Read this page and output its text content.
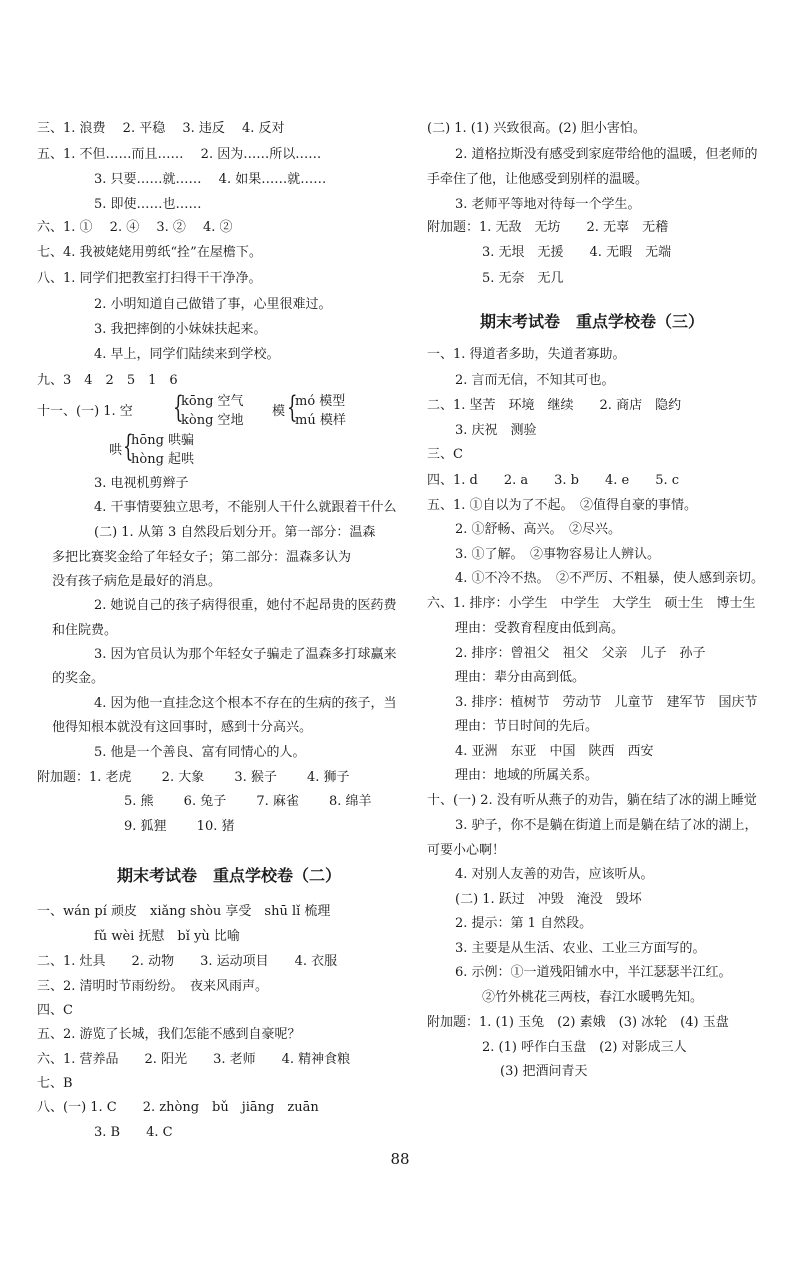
三、1. 浪费　 2. 平稳　 3. 违反　 4. 反对
五、1. 不但……而且……　 2. 因为……所以……
3. 只要……就……　 4. 如果……就……
5. 即使……也……
六、1. ①　 2. ④　 3. ②　 4. ②
七、4. 我被姥姥用剪纸“拴”在屋檐下。
八、1. 同学们把教室打扫得干干净净。
2. 小明知道自己做错了事，心里很难过。
3. 我把摔倒的小妹妹扶起来。
4. 早上，同学们陆续来到学校。
九、3　4　2　5　1　6
十一、(一) 1. 空 {
kōng 空气
kòng 空地
模 {
mó 模型
mú 模样
哄 {
hōng 哄骗
hòng 起哄
3. 电视机剪辫子
4. 干事情要独立思考，不能别人干什么就跟着干什么
(二) 1. 从第 3 自然段后划分开。第一部分：温森
多把比赛奖金给了年轻女子；第二部分：温森多认为
没有孩子病危是最好的消息。
2. 她说自己的孩子病得很重，她付不起昂贵的医药费
和住院费。
3. 因为官员认为那个年轻女子骗走了温森多打球赢来
的奖金。
4. 因为他一直挂念这个根本不存在的生病的孩子，当
他得知根本就没有这回事时，感到十分高兴。
5. 他是一个善良、富有同情心的人。
附加题：1. 老虎　　 2. 大象　　 3. 猴子　　 4. 狮子
5. 熊　　 6. 兔子　　 7. 麻雀　　 8. 绵羊
9. 狐狸　　 10. 猪
期末考试卷　重点学校卷（二）
一、wán pí 顽皮　xiǎng shòu 享受　shū lǐ 梳理
fǔ wèi 抚慰　bǐ yù 比喻
二、1. 灶具　　2. 动物　　3. 运动项目　　4. 衣服
三、2. 清明时节雨纷纷。　夜来风雨声。
四、C
五、2. 游览了长城，我们怎能不感到自豪呢？
六、1. 营养品　　2. 阳光　　3. 老师　　4. 精神食粮
七、B
八、(一) 1. C　　2. zhòng　bǔ　jiāng　zuān
3. B　　4. C
(二) 1. (1) 兴致很高。(2) 胆小害怕。
2. 道格拉斯没有感受到家庭带给他的温暖，但老师的
手牵住了他，让他感受到别样的温暖。
3. 老师平等地对待每一个学生。
附加题：1. 无敌　无坊　　2. 无辜　无稽
3. 无垠　无援　　4. 无暇　无端
5. 无奈　无几
期末考试卷　重点学校卷（三）
一、1. 得道者多助，失道者寡助。
2. 言而无信，不知其可也。
二、1. 坚苦　环境　继续　　2. 商店　隐约
3. 庆祝　测验
三、C
四、1. d　　2. a　　3. b　　4. e　　5. c
五、1. ①自以为了不起。　②值得自豪的事情。
2. ①舒畅、高兴。　②尽兴。
3. ①了解。　②事物容易让人辨认。
4. ①不冷不热。　②不严厉、不粗暴，使人感到亲切。
六、1. 排序：小学生　中学生　大学生　硕士生　博士生
理由：受教育程度由低到高。
2. 排序：曾祖父　祖父　父亲　儿子　孙子
理由：辈分由高到低。
3. 排序：植树节　劳动节　儿童节　建军节　国庆节
理由：节日时间的先后。
4. 亚洲　东亚　中国　陕西　西安
理由：地域的所属关系。
十、(一) 2. 没有听从燕子的劝告，躺在结了冰的湖上睡觉
3. 驴子，你不是躺在街道上而是躺在结了冰的湖上，
可要小心啊！
4. 对别人友善的劝告，应该听从。
(二) 1. 跃过　冲毁　淹没　毁坏
2. 提示：第 1 自然段。
3. 主要是从生活、农业、工业三方面写的。
6. 示例：①一道残阳铺水中，半江瑟瑟半江红。
②竹外桃花三两枝，春江水暖鸭先知。
附加题：1. (1) 玉兔　(2) 素娥　(3) 冰轮　(4) 玉盘
2. (1) 呼作白玉盘　(2) 对影成三人
(3) 把酒问青天
88
